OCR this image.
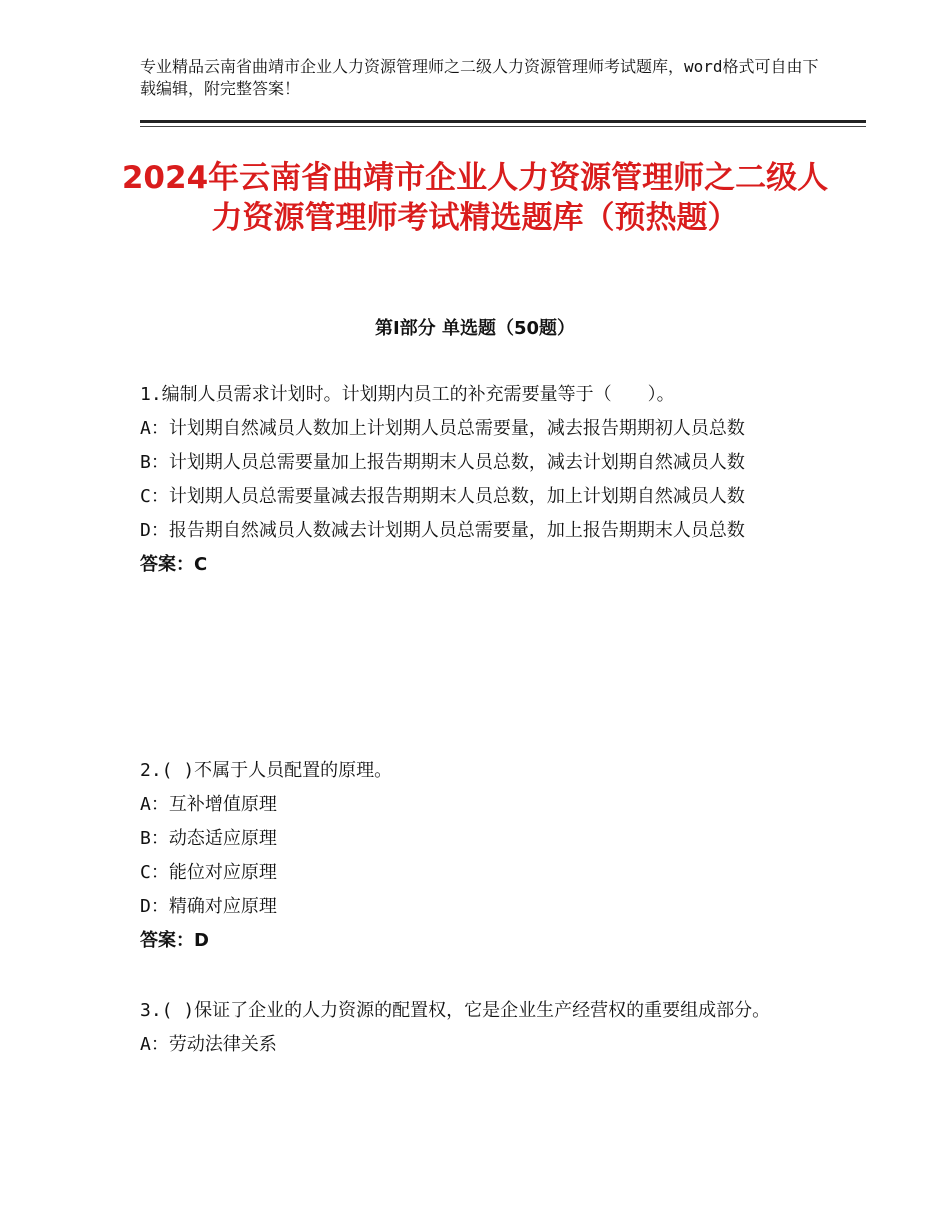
专业精品云南省曲靖市企业人力资源管理师之二级人力资源管理师考试题库，word格式可自由下载编辑，附完整答案！
2024年云南省曲靖市企业人力资源管理师之二级人力资源管理师考试精选题库（预热题）
第Ⅰ部分 单选题（50题）

1.编制人员需求计划时。计划期内员工的补充需要量等于（　　）。

A：计划期自然减员人数加上计划期人员总需要量，减去报告期期初人员总数

B：计划期人员总需要量加上报告期期末人员总数，减去计划期自然减员人数

C：计划期人员总需要量减去报告期期末人员总数，加上计划期自然减员人数

D：报告期自然减员人数减去计划期人员总需要量，加上报告期期末人员总数

答案：C

2.( )不属于人员配置的原理。

A：互补增值原理

B：动态适应原理

C：能位对应原理

D：精确对应原理

答案：D

3.( )保证了企业的人力资源的配置权，它是企业生产经营权的重要组成部分。

A：劳动法律关系
